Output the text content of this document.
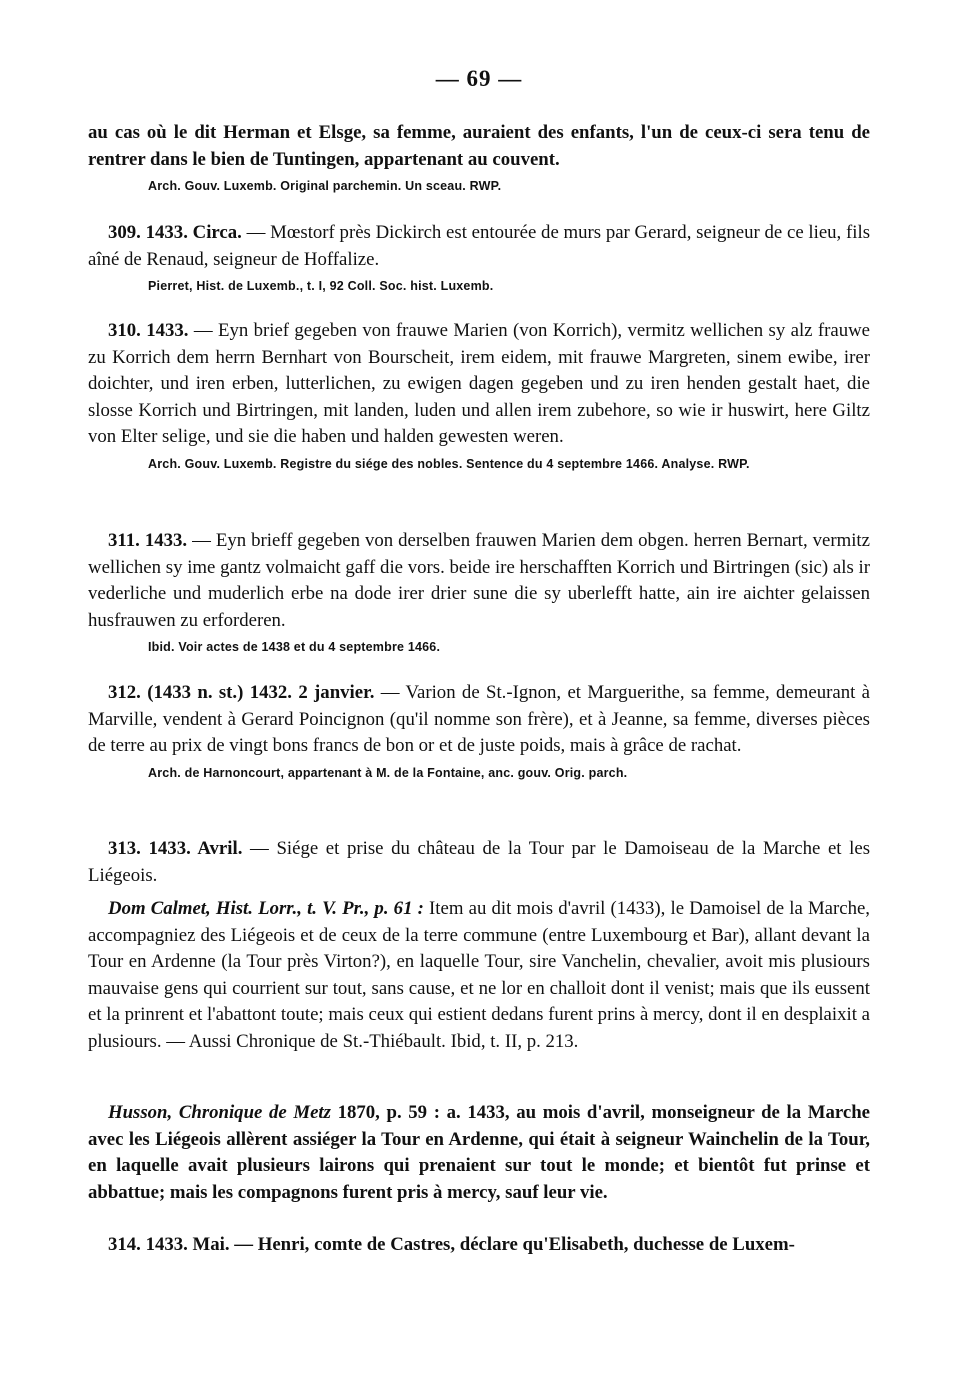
— 69 —

au cas où le dit Herman et Elsge, sa femme, auraient des enfants, l'un de ceux-ci sera tenu de rentrer dans le bien de Tuntingen, appartenant au couvent.

Arch. Gouv. Luxemb. Original parchemin. Un sceau. RWP.

309. 1433. Circa. — Mœstorf près Dickirch est entourée de murs par Gerard, seigneur de ce lieu, fils aîné de Renaud, seigneur de Hoffalize.

Pierret, Hist. de Luxemb., t. I, 92 Coll. Soc. hist. Luxemb.

310. 1433. — Eyn brief gegeben von frauwe Marien (von Korrich), vermitz wellichen sy alz frauwe zu Korrich dem herrn Bernhart von Bourscheit, irem eidem, mit frauwe Margreten, sinem ewibe, irer doichter, und iren erben, lutterlichen, zu ewigen dagen gegeben und zu iren henden gestalt haet, die slosse Korrich und Birtringen, mit landen, luden und allen irem zubehore, so wie ir huswirt, here Giltz von Elter selige, und sie die haben und halden gewesten weren.

Arch. Gouv. Luxemb. Registre du siége des nobles. Sentence du 4 septembre 1466. Analyse. RWP.

311. 1433. — Eyn brieff gegeben von derselben frauwen Marien dem obgen. herren Bernart, vermitz wellichen sy ime gantz volmaicht gaff die vors. beide ire herschafften Korrich und Birtringen (sic) als ir vederliche und muderlich erbe na dode irer drier sune die sy uberlefft hatte, ain ire aichter gelaissen husfrauwen zu erforderen.

Ibid. Voir actes de 1438 et du 4 septembre 1466.

312. (1433 n. st.) 1432. 2 janvier. — Varion de St.-Ignon, et Marguerithe, sa femme, demeurant à Marville, vendent à Gerard Poincignon (qu'il nomme son frère), et à Jeanne, sa femme, diverses pièces de terre au prix de vingt bons francs de bon or et de juste poids, mais à grâce de rachat.

Arch. de Harnoncourt, appartenant à M. de la Fontaine, anc. gouv. Orig. parch.

313. 1433. Avril. — Siége et prise du château de la Tour par le Damoiseau de la Marche et les Liégeois.

Dom Calmet, Hist. Lorr., t. V. Pr., p. 61 : Item au dit mois d'avril (1433), le Damoisel de la Marche, accompagniez des Liégeois et de ceux de la terre commune (entre Luxembourg et Bar), allant devant la Tour en Ardenne (la Tour près Virton?), en laquelle Tour, sire Vanchelin, chevalier, avoit mis plusiours mauvaise gens qui courrient sur tout, sans cause, et ne lor en challoit dont il venist; mais que ils eussent et la prinrent et l'abattont toute; mais ceux qui estient dedans furent prins à mercy, dont il en desplaixit a plusiours. — Aussi Chronique de St.-Thiébault. Ibid, t. II, p. 213.

Husson, Chronique de Metz 1870, p. 59 : a. 1433, au mois d'avril, monseigneur de la Marche avec les Liégeois allèrent assiéger la Tour en Ardenne, qui était à seigneur Wainchelin de la Tour, en laquelle avait plusieurs lairons qui prenaient sur tout le monde; et bientôt fut prinse et abbattue; mais les compagnons furent pris à mercy, sauf leur vie.

314. 1433. Mai. — Henri, comte de Castres, déclare qu'Elisabeth, duchesse de Luxem-
